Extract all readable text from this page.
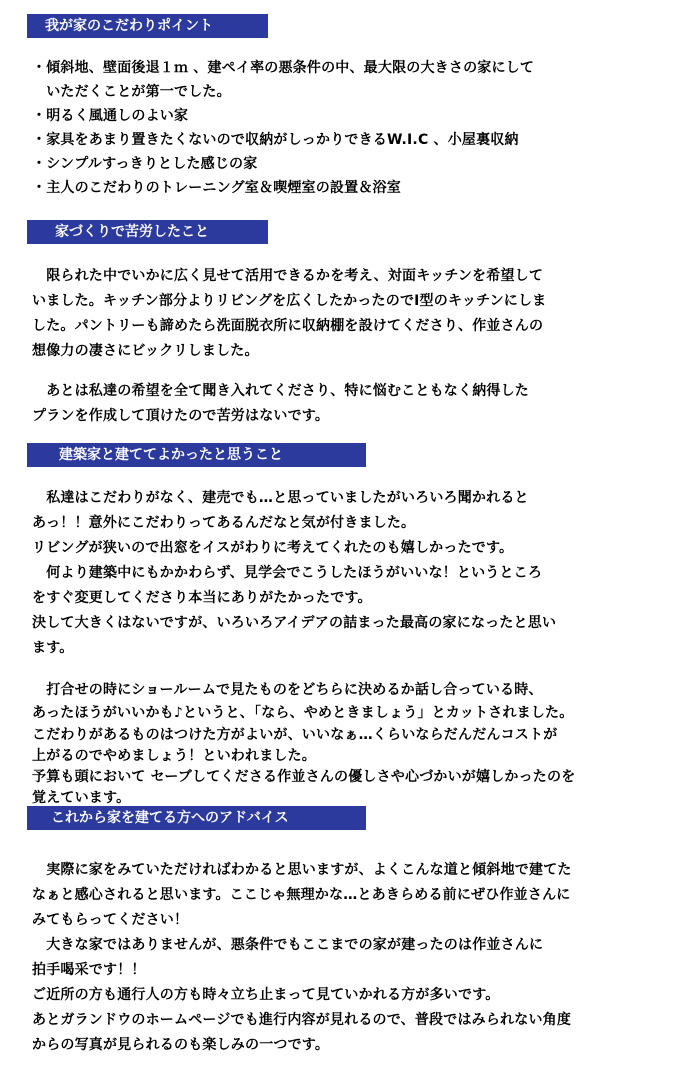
我が家のこだわりポイント
・傾斜地、壁面後退１ｍ 、建ペイ率の悪条件の中、最大限の大きさの家にして
　いただくことが第一でした。
・明るく風通しのよい家
・家具をあまり置きたくないので収納がしっかりできるW.I.C 、小屋裏収納
・シンプルすっきりとした感じの家
・主人のこだわりのトレーニング室＆喫煙室の設置＆浴室
家づくりで苦労したこと
　限られた中でいかに広く見せて活用できるかを考え、対面キッチンを希望して
いました。キッチン部分よりリビングを広くしたかったのでⅠ型のキッチンにしま
した。パントリーも諦めたら洗面脱衣所に収納棚を設けてくださり、作並さんの
想像力の凄さにビックリしました。
　あとは私達の希望を全て聞き入れてくださり、特に悩むこともなく納得した
プランを作成して頂けたので苦労はないです。
建築家と建ててよかったと思うこと
　私達はこだわりがなく、建売でも…と思っていましたがいろいろ聞かれると
あっ！！意外にこだわりってあるんだなと気が付きました。
リビングが狭いので出窓をイスがわりに考えてくれたのも嬉しかったです。
　何より建築中にもかかわらず、見学会でこうしたほうがいいな！というところ
をすぐ変更してくださり本当にありがたかったです。
決して大きくはないですが、いろいろアイデアの詰まった最高の家になったと思い
ます。
　打合せの時にショールームで見たものをどちらに決めるか話し合っている時、
あったほうがいいかも♪というと、「なら、やめときましょう」とカットされました。
こだわりがあるものはつけた方がよいが、いいなぁ…くらいならだんだんコストが
上がるのでやめましょう！といわれました。
予算も頭において セーブしてくださる作並さんの優しさや心づかいが嬉しかったのを
覚えています。
これから家を建てる方へのアドバイス
　実際に家をみていただければわかると思いますが、よくこんな道と傾斜地で建てた
なぁと感心されると思います。ここじゃ無理かな…とあきらめる前にぜひ作並さんに
みてもらってください！
　大きな家ではありませんが、悪条件でもここまでの家が建ったのは作並さんに
拍手喝采です！！
ご近所の方も通行人の方も時々立ち止まって見ていかれる方が多いです。
あとガランドウのホームページでも進行内容が見れるので、普段ではみられない角度
からの写真が見られるのも楽しみの一つです。
